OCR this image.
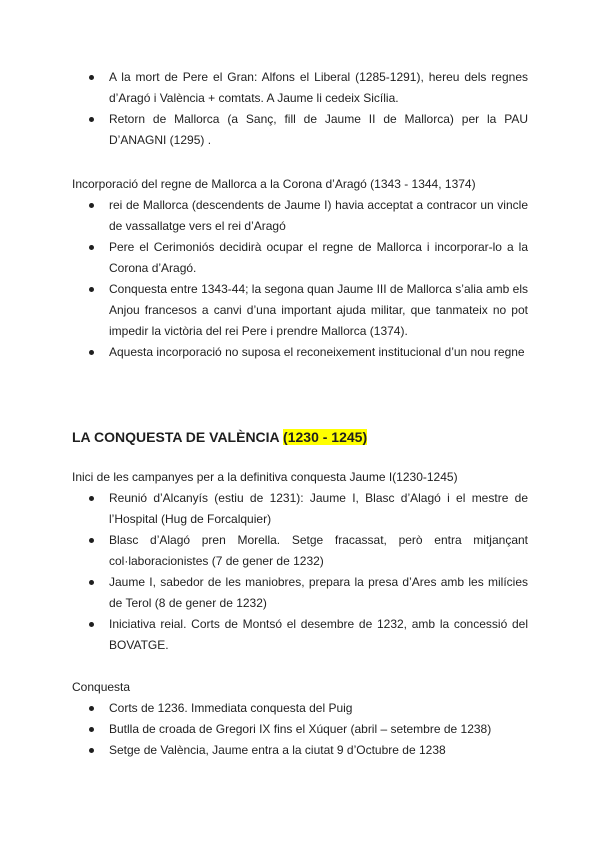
A la mort de Pere el Gran: Alfons el Liberal (1285-1291), hereu dels regnes d’Aragó i València + comtats. A Jaume li cedeix Sicília.
Retorn de Mallorca (a Sanç, fill de Jaume II de Mallorca) per la PAU D’ANAGNI (1295) .

Incorporació del regne de Mallorca a la Corona d’Aragó (1343 - 1344, 1374)

rei de Mallorca (descendents de Jaume I) havia acceptat a contracor un vincle de vassallatge vers el rei d’Aragó
Pere el Cerimoniós decidirà ocupar el regne de Mallorca i incorporar-lo a la Corona d’Aragó.
Conquesta entre 1343-44; la segona quan Jaume III de Mallorca s’alia amb els Anjou francesos a canvi d’una important ajuda militar, que tanmateix no pot impedir la victòria del rei Pere i prendre Mallorca (1374).
Aquesta incorporació no suposa el reconeixement institucional d’un nou regne

LA CONQUESTA DE VALÈNCIA (1230 - 1245)

Inici de les campanyes per a la definitiva conquesta Jaume I(1230-1245)

Reunió d’Alcanyís (estiu de 1231): Jaume I, Blasc d’Alagó i el mestre de l’Hospital (Hug de Forcalquier)
Blasc d’Alagó pren Morella. Setge fracassat, però entra mitjançant col·laboracionistes (7 de gener de 1232)
Jaume I, sabedor de les maniobres, prepara la presa d’Ares amb les milícies de Terol (8 de gener de 1232)
Iniciativa reial. Corts de Montsó el desembre de 1232, amb la concessió del BOVATGE.

Conquesta

Corts de 1236. Immediata conquesta del Puig
Butlla de croada de Gregori IX fins el Xúquer (abril – setembre de 1238)
Setge de València, Jaume entra a la ciutat 9 d’Octubre de 1238
